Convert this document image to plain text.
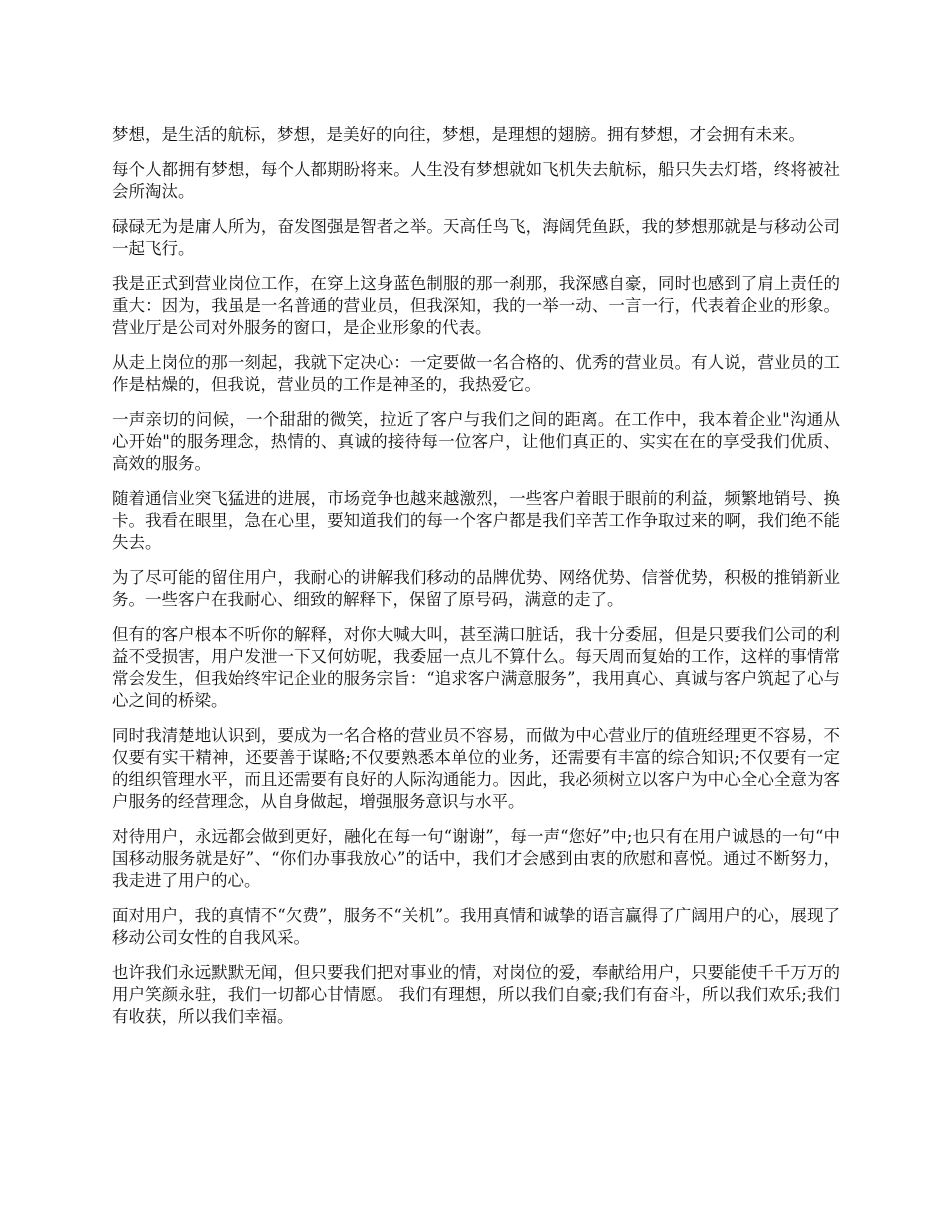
梦想，是生活的航标，梦想，是美好的向往，梦想，是理想的翅膀。拥有梦想，才会拥有未来。

每个人都拥有梦想，每个人都期盼将来。人生没有梦想就如飞机失去航标，船只失去灯塔，终将被社会所淘汰。

碌碌无为是庸人所为，奋发图强是智者之举。天高任鸟飞，海阔凭鱼跃，我的梦想那就是与移动公司一起飞行。

我是正式到营业岗位工作，在穿上这身蓝色制服的那一刹那，我深感自豪，同时也感到了肩上责任的重大：因为，我虽是一名普通的营业员，但我深知，我的一举一动、一言一行，代表着企业的形象。营业厅是公司对外服务的窗口，是企业形象的代表。

从走上岗位的那一刻起，我就下定决心：一定要做一名合格的、优秀的营业员。有人说，营业员的工作是枯燥的，但我说，营业员的工作是神圣的，我热爱它。

一声亲切的问候，一个甜甜的微笑，拉近了客户与我们之间的距离。在工作中，我本着企业"沟通从心开始"的服务理念，热情的、真诚的接待每一位客户，让他们真正的、实实在在的享受我们优质、高效的服务。

随着通信业突飞猛进的进展，市场竞争也越来越激烈，一些客户着眼于眼前的利益，频繁地销号、换卡。我看在眼里，急在心里，要知道我们的每一个客户都是我们辛苦工作争取过来的啊，我们绝不能失去。

为了尽可能的留住用户，我耐心的讲解我们移动的品牌优势、网络优势、信誉优势，积极的推销新业务。一些客户在我耐心、细致的解释下，保留了原号码，满意的走了。

但有的客户根本不听你的解释，对你大喊大叫，甚至满口脏话，我十分委屈，但是只要我们公司的利益不受损害，用户发泄一下又何妨呢，我委屈一点儿不算什么。每天周而复始的工作，这样的事情常常会发生，但我始终牢记企业的服务宗旨：“追求客户满意服务”，我用真心、真诚与客户筑起了心与心之间的桥梁。

同时我清楚地认识到，要成为一名合格的营业员不容易，而做为中心营业厅的值班经理更不容易，不仅要有实干精神，还要善于谋略;不仅要熟悉本单位的业务，还需要有丰富的综合知识;不仅要有一定的组织管理水平，而且还需要有良好的人际沟通能力。因此，我必须树立以客户为中心全心全意为客户服务的经营理念，从自身做起，增强服务意识与水平。

对待用户，永远都会做到更好，融化在每一句“谢谢”，每一声“您好”中;也只有在用户诚恳的一句“中国移动服务就是好”、“你们办事我放心”的话中，我们才会感到由衷的欣慰和喜悦。通过不断努力，我走进了用户的心。

面对用户，我的真情不“欠费”，服务不“关机”。我用真情和诚挚的语言赢得了广阔用户的心，展现了移动公司女性的自我风采。

也许我们永远默默无闻，但只要我们把对事业的情，对岗位的爱，奉献给用户，只要能使千千万万的用户笑颜永驻，我们一切都心甘情愿。 我们有理想，所以我们自豪;我们有奋斗，所以我们欢乐;我们有收获，所以我们幸福。
